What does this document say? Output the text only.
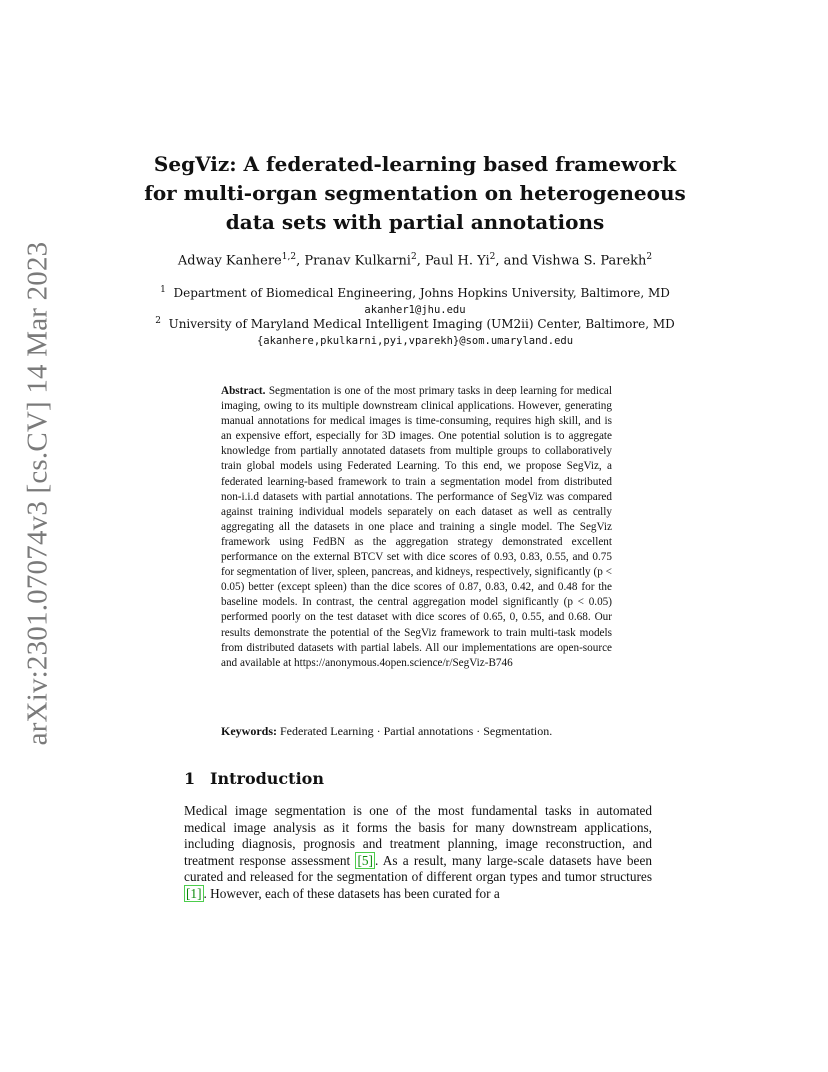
arXiv:2301.07074v3 [cs.CV] 14 Mar 2023
SegViz: A federated-learning based framework
for multi-organ segmentation on heterogeneous
data sets with partial annotations
Adway Kanhere$^{1,2}$, Pranav Kulkarni$^2$, Paul H. Yi$^2$, and Vishwa S. Parekh$^2$
$^1$ Department of Biomedical Engineering, Johns Hopkins University, Baltimore, MD
akanher1@jhu.edu
$^2$ University of Maryland Medical Intelligent Imaging (UM2ii) Center, Baltimore, MD
{akanhere,pkulkarni,pyi,vparekh}@som.umaryland.edu
Abstract. Segmentation is one of the most primary tasks in deep learning for medical imaging, owing to its multiple downstream clinical applications. However, generating manual annotations for medical images is time-consuming, requires high skill, and is an expensive effort, especially for 3D images. One potential solution is to aggregate knowledge from partially annotated datasets from multiple groups to collaboratively train global models using Federated Learning. To this end, we propose SegViz, a federated learning-based framework to train a segmentation model from distributed non-i.i.d datasets with partial annotations. The performance of SegViz was compared against training individual models separately on each dataset as well as centrally aggregating all the datasets in one place and training a single model. The SegViz framework using FedBN as the aggregation strategy demonstrated excellent performance on the external BTCV set with dice scores of 0.93, 0.83, 0.55, and 0.75 for segmentation of liver, spleen, pancreas, and kidneys, respectively, significantly (p < 0.05) better (except spleen) than the dice scores of 0.87, 0.83, 0.42, and 0.48 for the baseline models. In contrast, the central aggregation model significantly (p < 0.05) performed poorly on the test dataset with dice scores of 0.65, 0, 0.55, and 0.68. Our results demonstrate the potential of the SegViz framework to train multi-task models from distributed datasets with partial labels. All our implementations are open-source and available at https://anonymous.4open.science/r/SegViz-B746
Keywords: Federated Learning · Partial annotations · Segmentation.
1 Introduction
Medical image segmentation is one of the most fundamental tasks in automated medical image analysis as it forms the basis for many downstream applications, including diagnosis, prognosis and treatment planning, image reconstruction, and treatment response assessment [5] . As a result, many large-scale datasets have been curated and released for the segmentation of different organ types and tumor structures [1] . However, each of these datasets has been curated for a
